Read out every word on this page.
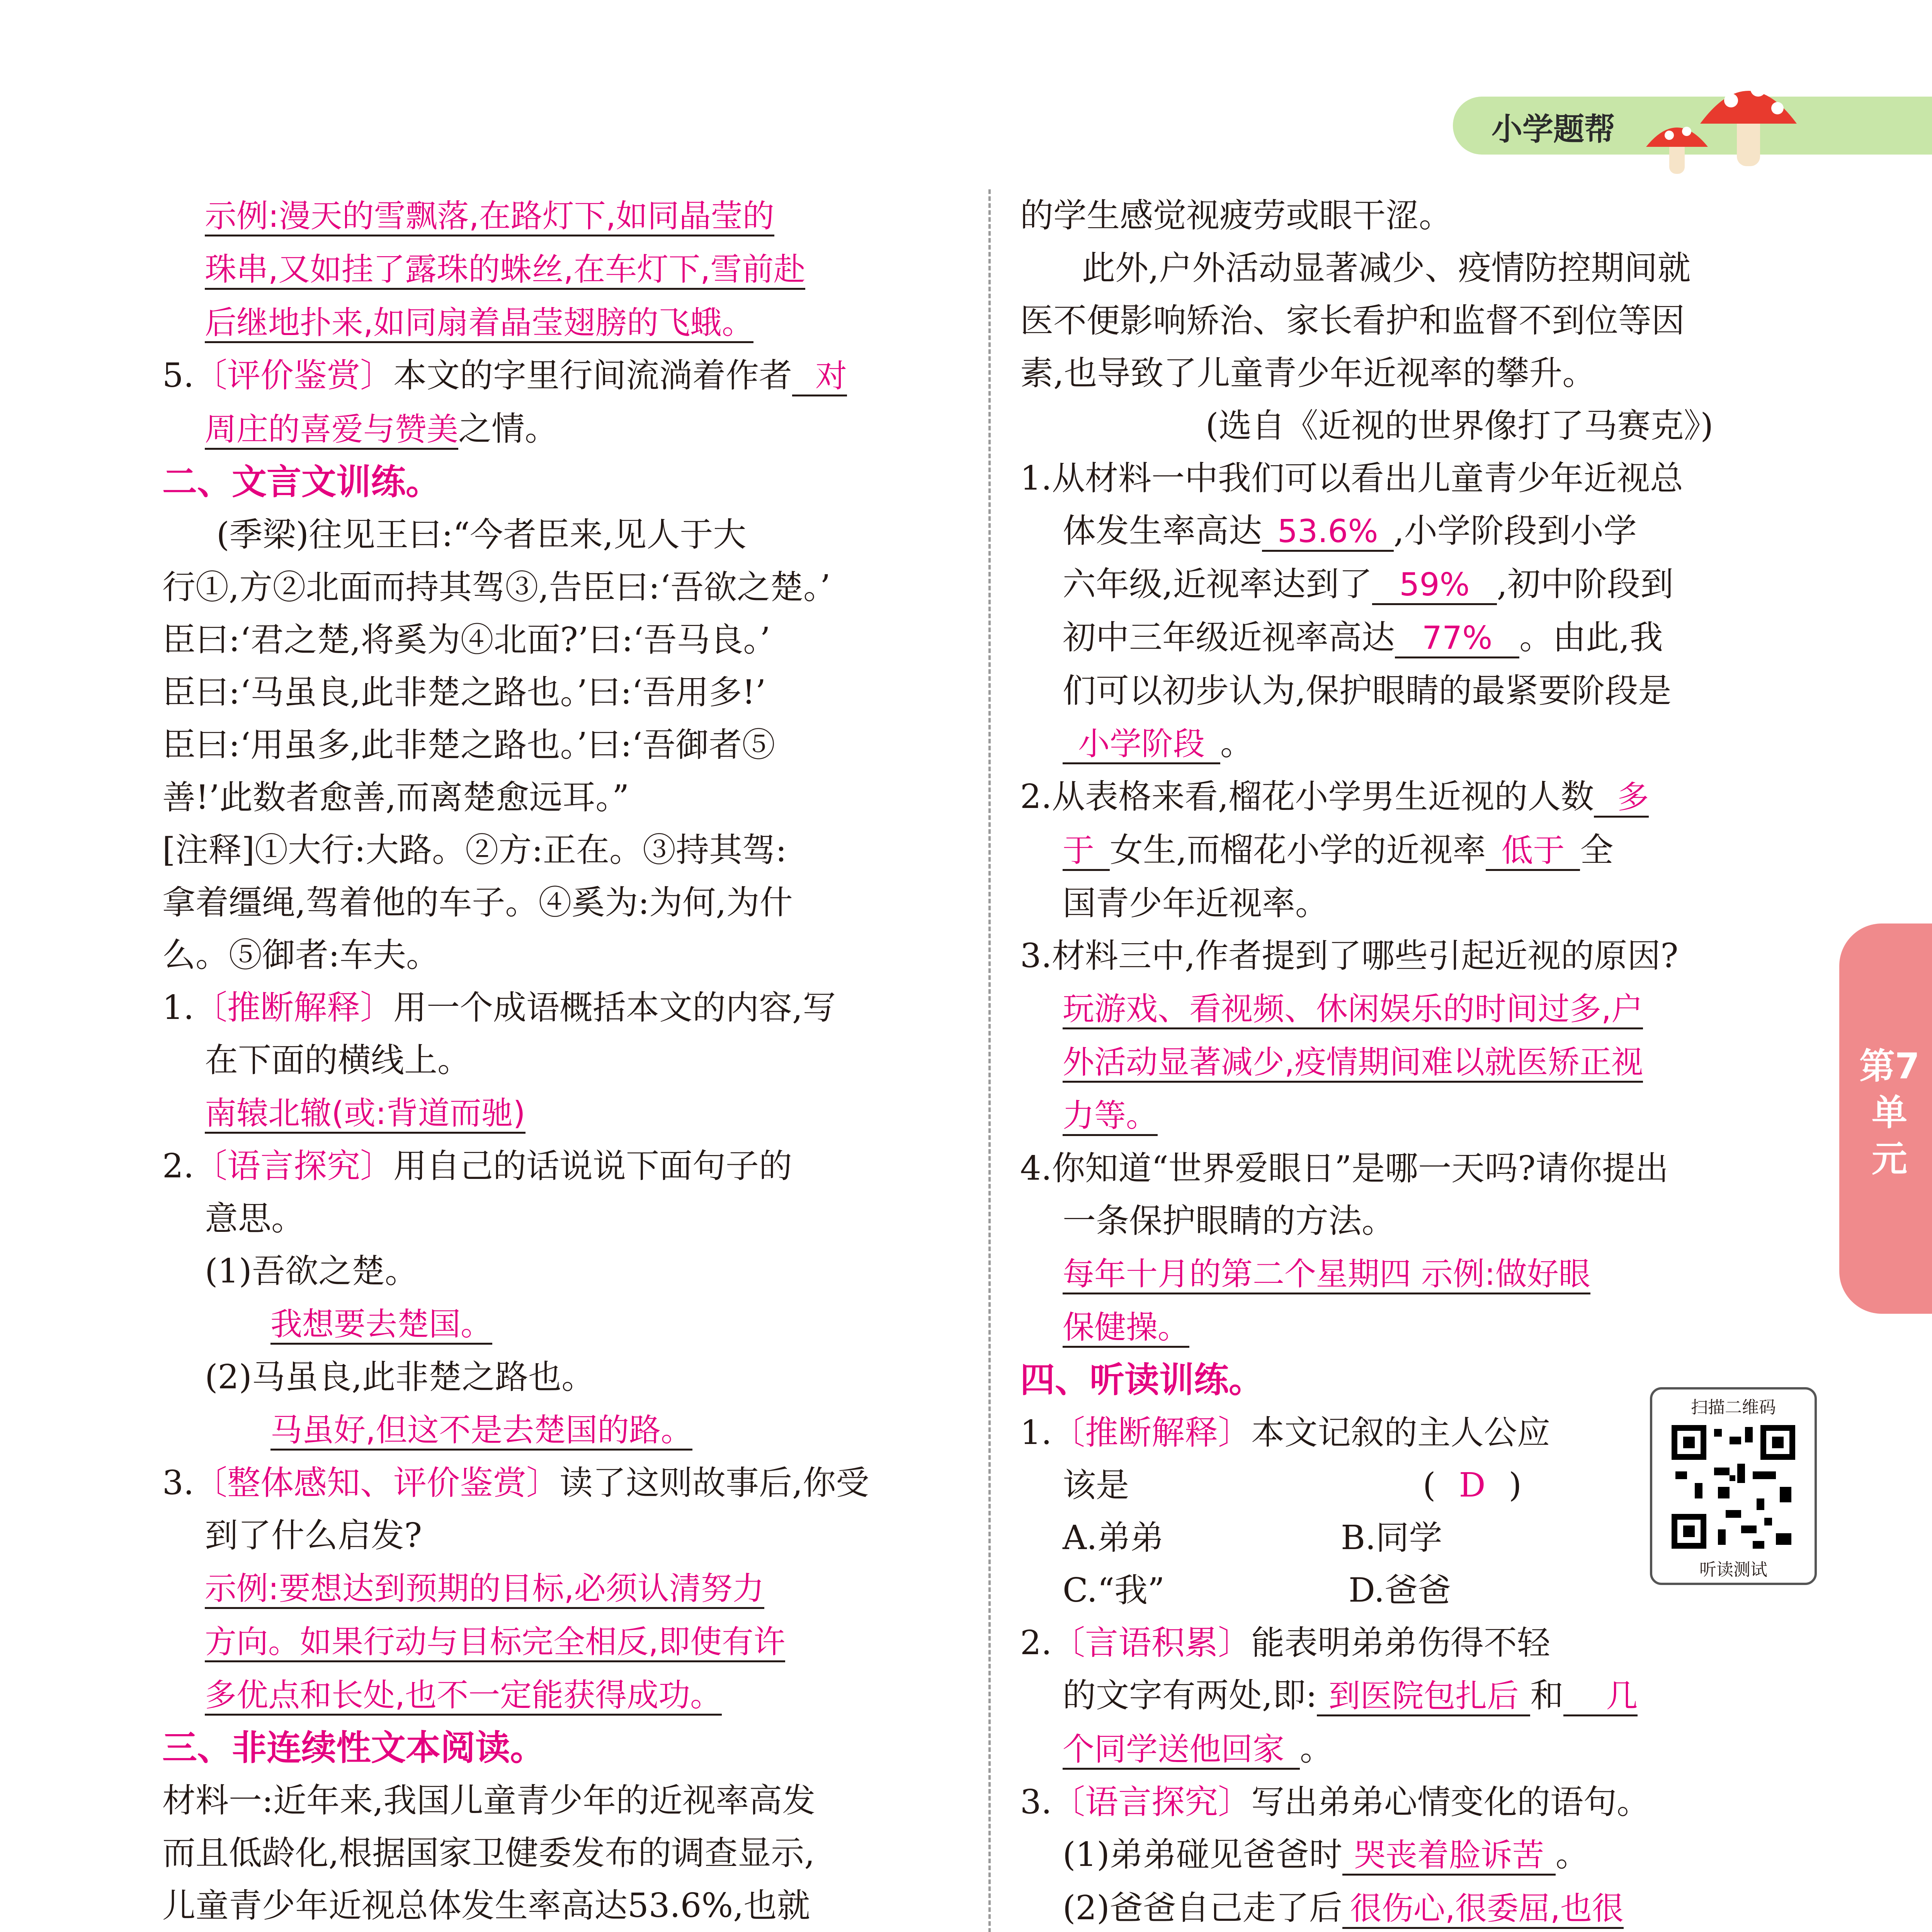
小学题帮
第7单元
示例:漫天的雪飘落,在路灯下,如同晶莹的
珠串,又如挂了露珠的蛛丝,在车灯下,雪前赴
后继地扑来,如同扇着晶莹翅膀的飞蛾。
5.〔评价鉴赏〕本文的字里行间流淌着作者 对
周庄的喜爱与赞美之情。
二、文言文训练。
(季梁)往见王曰:“今者臣来,见人于大
行①,方②北面而持其驾③,告臣曰:‘吾欲之楚。’
臣曰:‘君之楚,将奚为④北面?’曰:‘吾马良。’
臣曰:‘马虽良,此非楚之路也。’曰:‘吾用多!’
臣曰:‘用虽多,此非楚之路也。’曰:‘吾御者⑤
善!’此数者愈善,而离楚愈远耳。”
[注释]①大行:大路。②方:正在。③持其驾:
拿着缰绳,驾着他的车子。④奚为:为何,为什
么。⑤御者:车夫。
1.〔推断解释〕用一个成语概括本文的内容,写
在下面的横线上。
南辕北辙(或:背道而驰)
2.〔语言探究〕用自己的话说说下面句子的
意思。
(1)吾欲之楚。
我想要去楚国。
(2)马虽良,此非楚之路也。
马虽好,但这不是去楚国的路。
3.〔整体感知、评价鉴赏〕读了这则故事后,你受
到了什么启发?
示例:要想达到预期的目标,必须认清努力
方向。如果行动与目标完全相反,即使有许
多优点和长处,也不一定能获得成功。
三、非连续性文本阅读。
材料一:近年来,我国儿童青少年的近视率高发
而且低龄化,根据国家卫健委发布的调查显示,
儿童青少年近视总体发生率高达53.6%,也就

的学生感觉视疲劳或眼干涩。
此外,户外活动显著减少、疫情防控期间就
医不便影响矫治、家长看护和监督不到位等因
素,也导致了儿童青少年近视率的攀升。
(选自《近视的世界像打了马赛克》)
1.从材料一中我们可以看出儿童青少年近视总
体发生率高达 53.6% ,小学阶段到小学
六年级,近视率达到了 59% ,初中阶段到
初中三年级近视率高达 77% 。由此,我
们可以初步认为,保护眼睛的最紧要阶段是
小学阶段 。
2.从表格来看,榴花小学男生近视的人数 多
于 女生,而榴花小学的近视率 低于 全
国青少年近视率。
3.材料三中,作者提到了哪些引起近视的原因?
玩游戏、看视频、休闲娱乐的时间过多,户
外活动显著减少,疫情期间难以就医矫正视
力等。
4.你知道“世界爱眼日”是哪一天吗?请你提出
一条保护眼睛的方法。
每年十月的第二个星期四 示例:做好眼
保健操。
四、听读训练。
1.〔推断解释〕本文记叙的主人公应
该是	( D )
A.弟弟	B.同学
C.“我”	D.爸爸
2.〔言语积累〕能表明弟弟伤得不轻
的文字有两处,即: 到医院包扎后 和 几
个同学送他回家 。
3.〔语言探究〕写出弟弟心情变化的语句。
(1)弟弟碰见爸爸时 哭丧着脸诉苦 。
(2)爸爸自己走了后 很伤心,很委屈,也很
扫描二维码
听读测试
